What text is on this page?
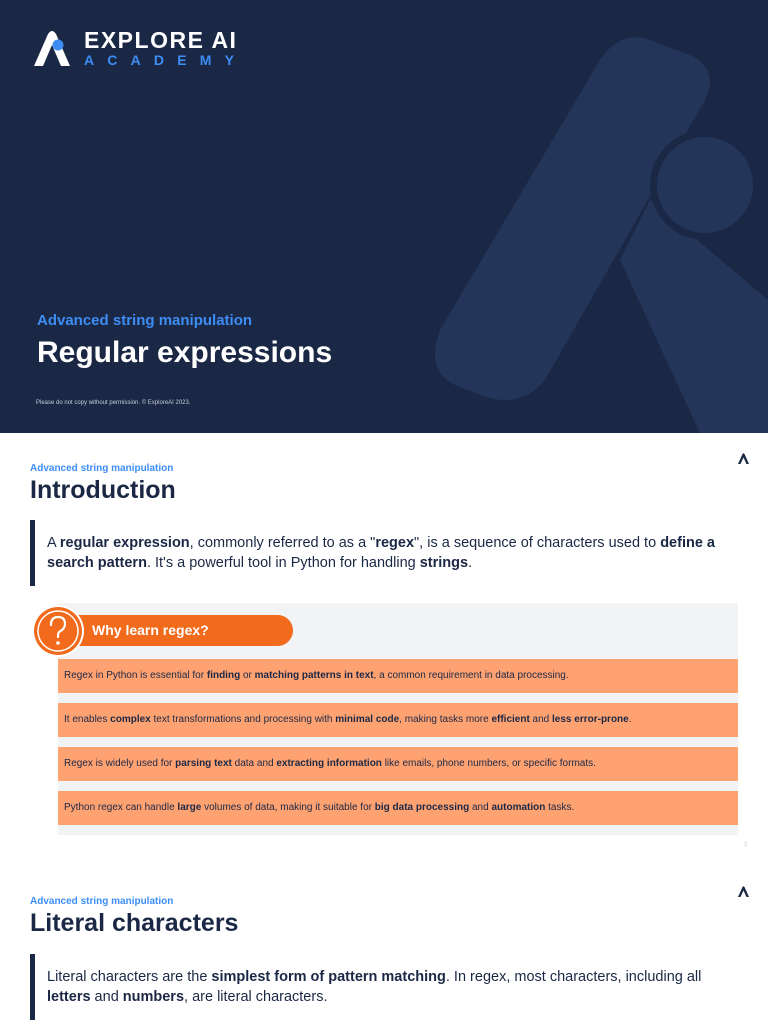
EXPLORE AI
ACADEMY
Advanced string manipulation
Regular expressions
Please do not copy without permission. © ExploreAI 2023.
Advanced string manipulation
Introduction
A regular expression, commonly referred to as a "regex", is a sequence of characters used to define a search pattern. It's a powerful tool in Python for handling strings.
Why learn regex?
Regex in Python is essential for finding or matching patterns in text, a common requirement in data processing.
It enables complex text transformations and processing with minimal code, making tasks more efficient and less error-prone.
Regex is widely used for parsing text data and extracting information like emails, phone numbers, or specific formats.
Python regex can handle large volumes of data, making it suitable for big data processing and automation tasks.
2
Advanced string manipulation
Literal characters
Literal characters are the simplest form of pattern matching. In regex, most characters, including all letters and numbers, are literal characters.
